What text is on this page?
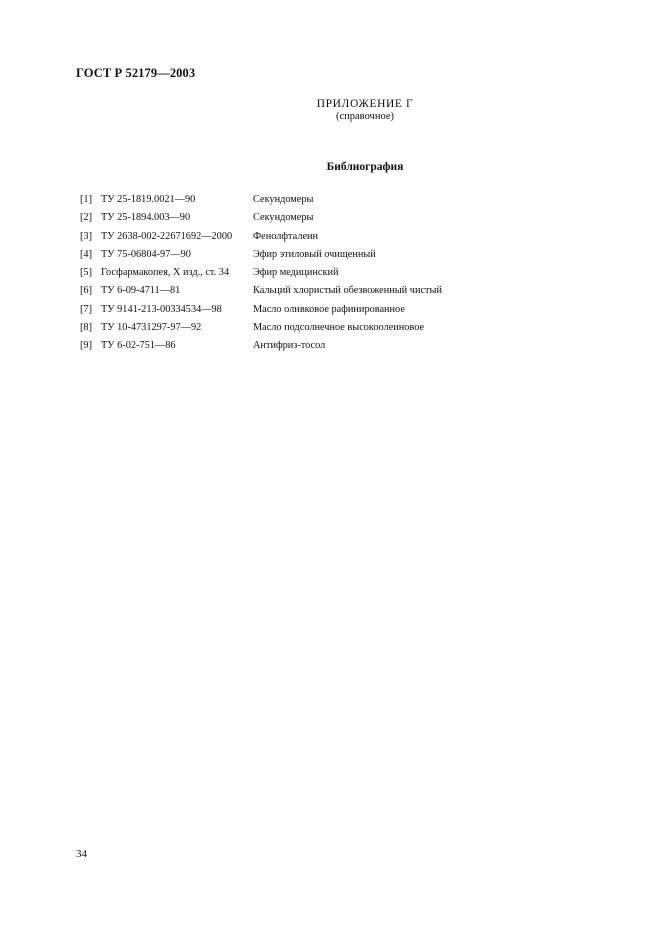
ГОСТ Р 52179—2003
ПРИЛОЖЕНИЕ Г
(справочное)
Библиография
[1] ТУ 25-1819.0021—90	Секундомеры
[2] ТУ 25-1894.003—90	Секундомеры
[3] ТУ 2638-002-22671692—2000 Фенолфталеин
[4] ТУ 75-06804-97—90	Эфир этиловый очищенный
[5] Госфармакопея, X изд., ст. 34 Эфир медицинский
[6] ТУ 6-09-4711—81	Кальций хлористый обезвоженный чистый
[7] ТУ 9141-213-00334534—98	Масло оливковое рафинированное
[8] ТУ 10-4731297-97—92	Масло подсолнечное высокоолеиновое
[9] ТУ 6-02-751—86	Антифриз-тосол
34
